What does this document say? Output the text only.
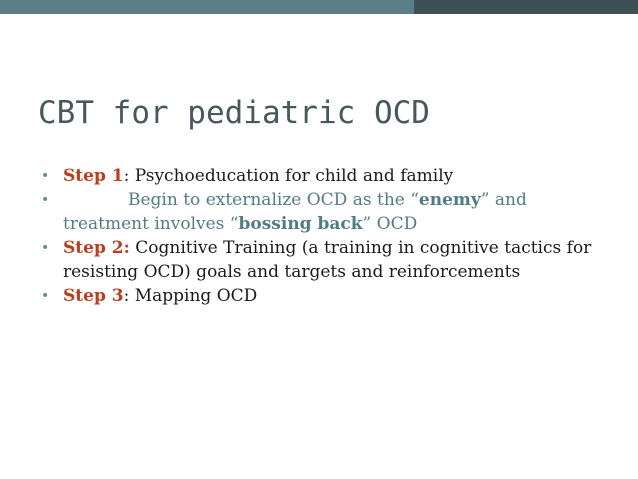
CBT for pediatric OCD
• Step 1: Psychoeducation for child and family
•	Begin to externalize OCD as the “enemy” and treatment involves “bossing back” OCD
• Step 2: Cognitive Training (a training in cognitive tactics for resisting OCD) goals and targets and reinforcements
• Step 3: Mapping OCD
